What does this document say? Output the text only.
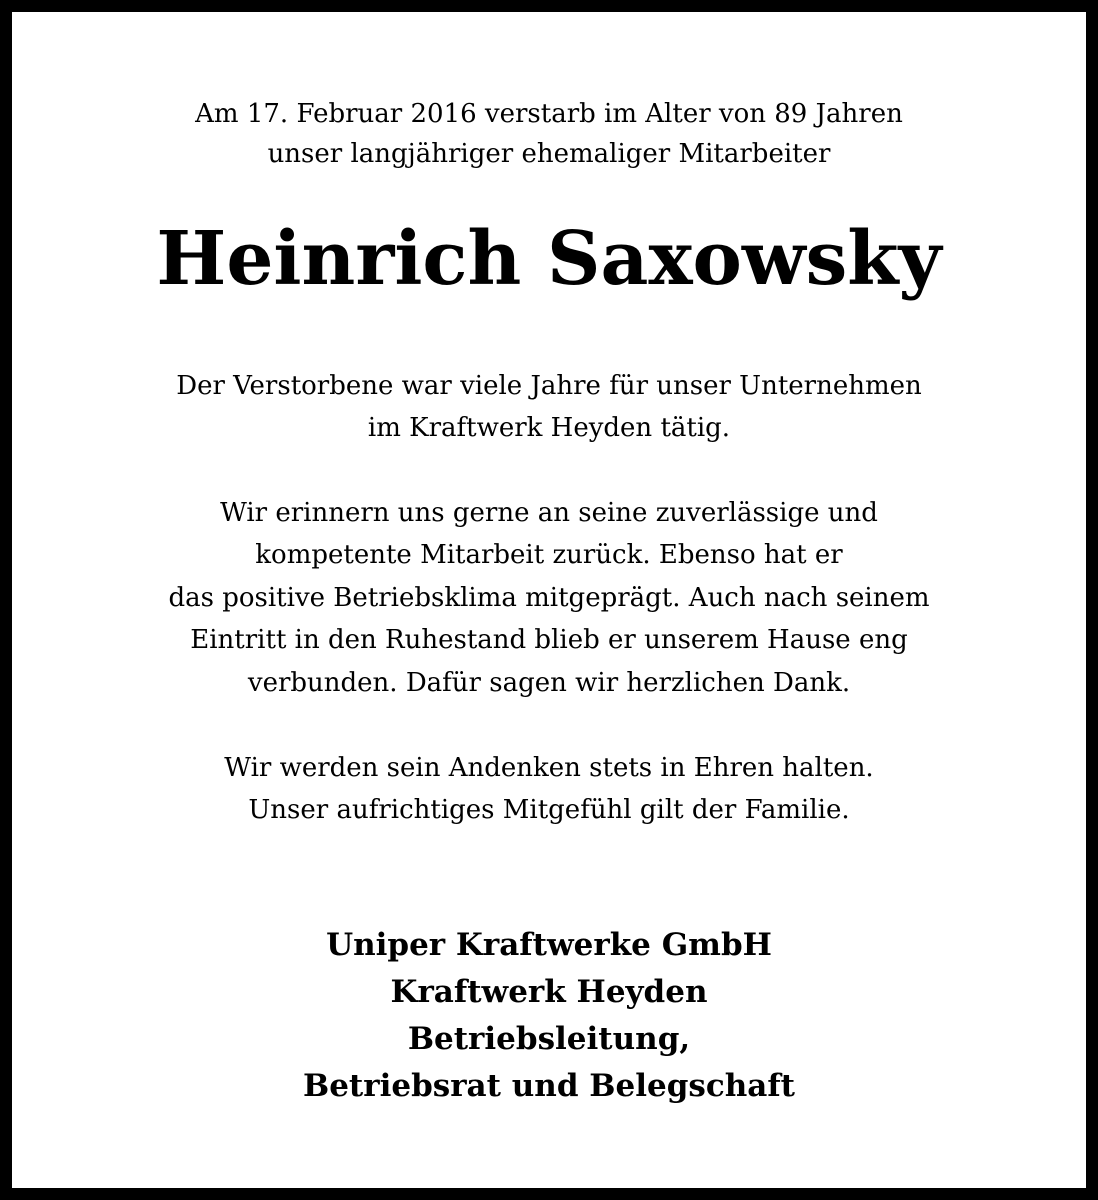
Am 17. Februar 2016 verstarb im Alter von 89 Jahren
unser langjähriger ehemaliger Mitarbeiter
Heinrich Saxowsky
Der Verstorbene war viele Jahre für unser Unternehmen
im Kraftwerk Heyden tätig.
Wir erinnern uns gerne an seine zuverlässige und
kompetente Mitarbeit zurück. Ebenso hat er
das positive Betriebsklima mitgeprägt. Auch nach seinem
Eintritt in den Ruhestand blieb er unserem Hause eng
verbunden. Dafür sagen wir herzlichen Dank.
Wir werden sein Andenken stets in Ehren halten.
Unser aufrichtiges Mitgefühl gilt der Familie.
Uniper Kraftwerke GmbH
Kraftwerk Heyden
Betriebsleitung,
Betriebsrat und Belegschaft
